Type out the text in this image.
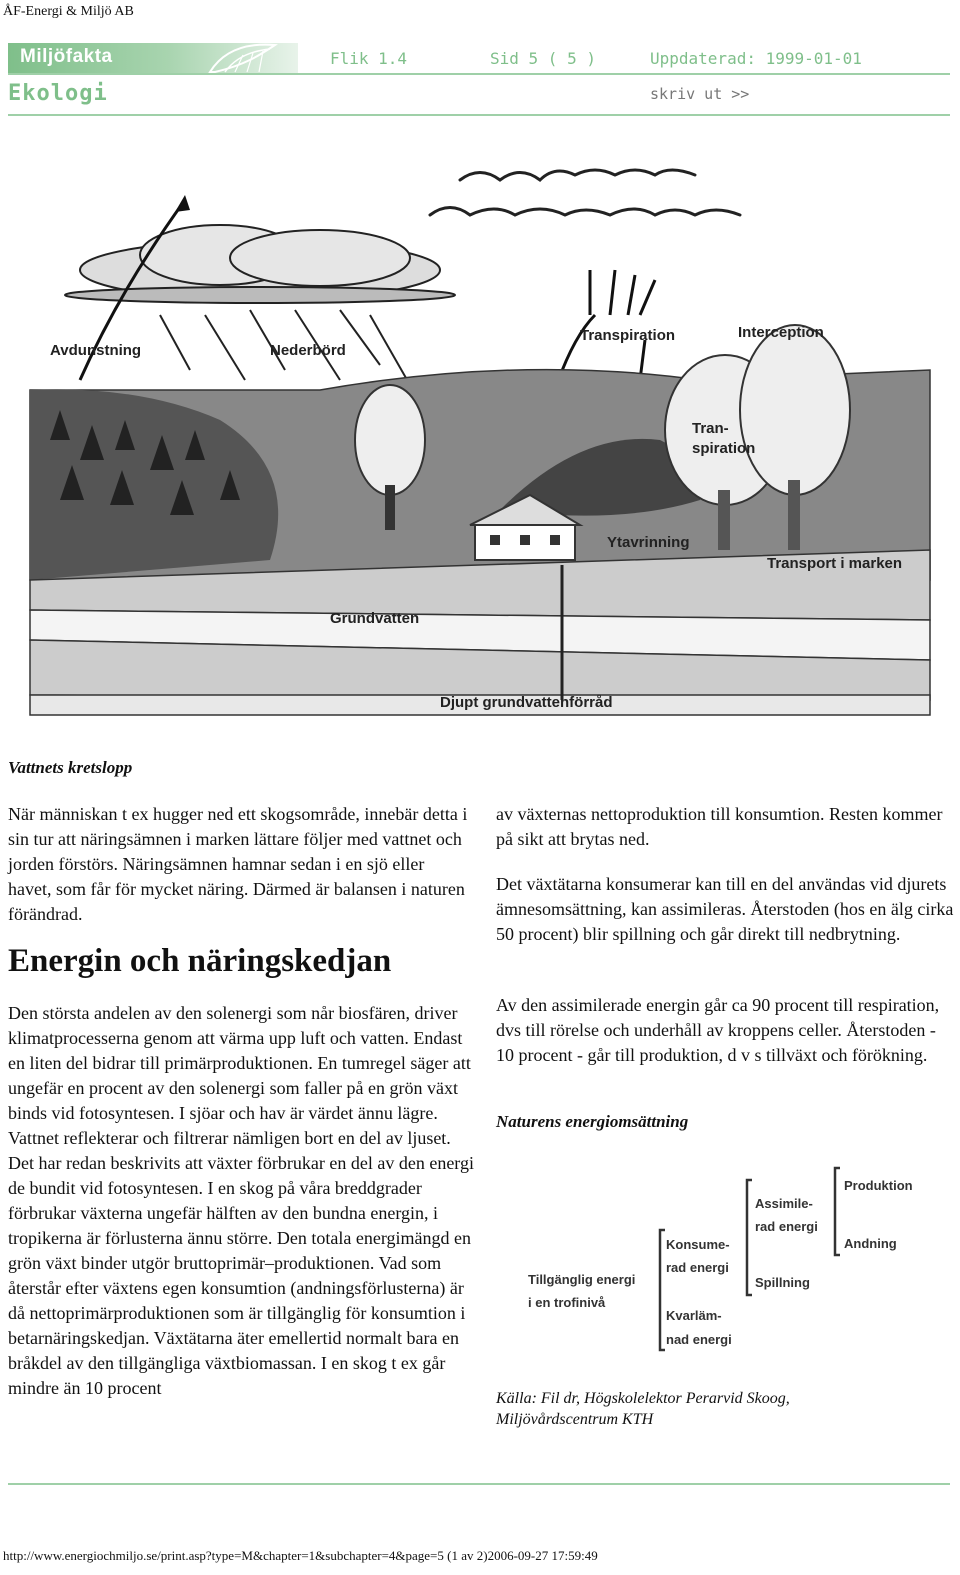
ÅF-Energi & Miljö AB
Miljöfakta	Flik 1.4	Sid 5 ( 5 )	Uppdaterad: 1999-01-01
Ekologi	skriv ut >>
Avdunstning	Nederbörd
Transpiration	Interception
Tran-
spiration
Ytavrinning
Transport i marken
Grundvatten
Djupt grundvattenförråd
Vattnets kretslopp

När människan t ex hugger ned ett skogsområde, innebär detta i sin tur att näringsämnen i marken lättare följer med vattnet och jorden förstörs. Näringsämnen hamnar sedan i en sjö eller havet, som får för mycket näring. Därmed är balansen i naturen förändrad.

Energin och näringskedjan

Den största andelen av den solenergi som når biosfären, driver klimatprocesserna genom att värma upp luft och vatten. Endast en liten del bidrar till primärproduktionen. En tumregel säger att ungefär en procent av den solenergi som faller på en grön växt binds vid fotosyntesen. I sjöar och hav är värdet ännu lägre. Vattnet reflekterar och filtrerar nämligen bort en del av ljuset. Det har redan beskrivits att växter förbrukar en del av den energi de bundit vid fotosyntesen. I en skog på våra breddgrader förbrukar växterna ungefär hälften av den bundna energin, i tropikerna är förlusterna ännu större. Den totala energimängd en grön växt binder utgör bruttoprimär–produktionen. Vad som återstår efter växtens egen konsumtion (andningsförlusterna) är då nettoprimärproduktionen som är tillgänglig för konsumtion i betarnäringskedjan. Växtätarna äter emellertid normalt bara en bråkdel av den tillgängliga växtbiomassan. I en skog t ex går mindre än 10 procent

av växternas nettoproduktion till konsumtion. Resten kommer på sikt att brytas ned.

Det växtätarna konsumerar kan till en del användas vid djurets ämnesomsättning, kan assimileras. Återstoden (hos en älg cirka 50 procent) blir spillning och går direkt till nedbrytning.

Av den assimilerade energin går ca 90 procent till respiration, dvs till rörelse och underhåll av kroppens celler. Återstoden - 10 procent - går till produktion, d v s tillväxt och förökning.

Naturens energiomsättning
Tillgänglig energi
i en trofinivå
Konsume-
rad energi
Kvarläm-
nad energi
Assimile-
rad energi
Spillning
Produktion
Andning
Källa: Fil dr, Högskolelektor Perarvid Skoog,
Miljövårdscentrum KTH
http://www.energiochmiljo.se/print.asp?type=M&chapter=1&subchapter=4&page=5 (1 av 2)2006-09-27 17:59:49
